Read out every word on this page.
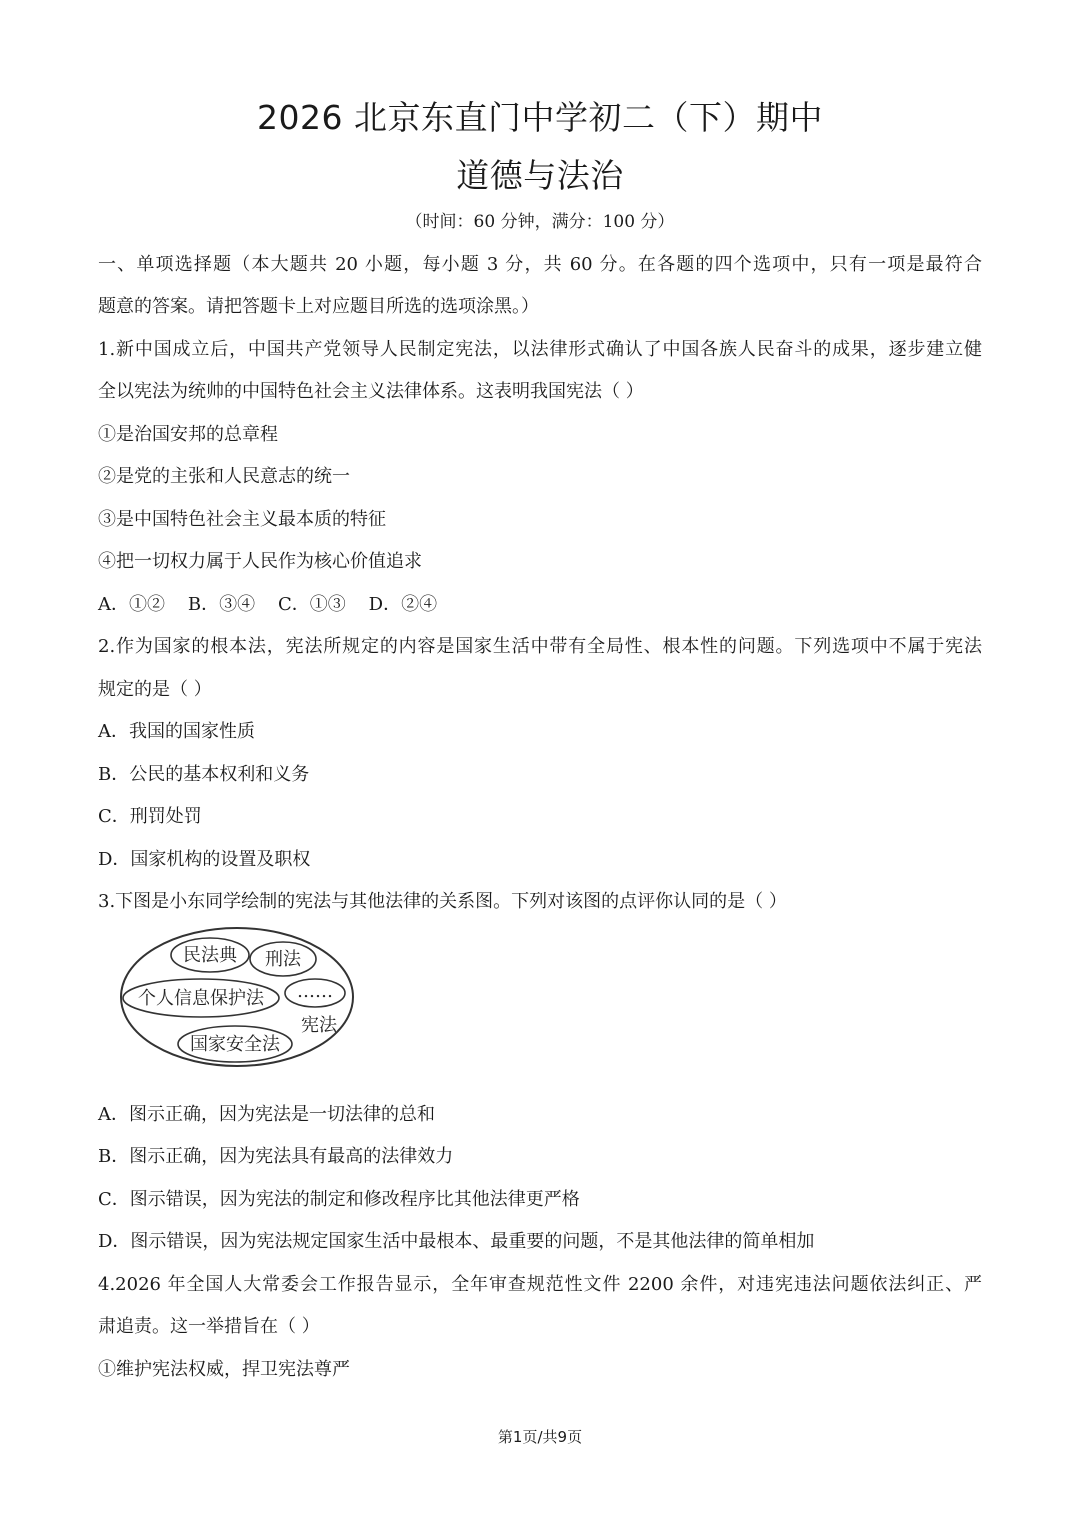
2026 北京东直门中学初二（下）期中
道德与法治
（时间：60 分钟，满分：100 分）
一、单项选择题（本大题共 20 小题，每小题 3 分，共 60 分。在各题的四个选项中，只有一项是最符合
题意的答案。请把答题卡上对应题目所选的选项涂黑。）
1.新中国成立后，中国共产党领导人民制定宪法，以法律形式确认了中国各族人民奋斗的成果，逐步建立健
全以宪法为统帅的中国特色社会主义法律体系。这表明我国宪法（ ）
①是治国安邦的总章程
②是党的主张和人民意志的统一
③是中国特色社会主义最本质的特征
④把一切权力属于人民作为核心价值追求
A．①②    B．③④    C．①③    D．②④
2.作为国家的根本法，宪法所规定的内容是国家生活中带有全局性、根本性的问题。下列选项中不属于宪法
规定的是（ ）
A．我国的国家性质
B．公民的基本权利和义务
C．刑罚处罚
D．国家机构的设置及职权
3.下图是小东同学绘制的宪法与其他法律的关系图。下列对该图的点评你认同的是（ ）
民法典 刑法
个人信息保护法 ……
宪法
国家安全法
A．图示正确，因为宪法是一切法律的总和
B．图示正确，因为宪法具有最高的法律效力
C．图示错误，因为宪法的制定和修改程序比其他法律更严格
D．图示错误，因为宪法规定国家生活中最根本、最重要的问题，不是其他法律的简单相加
4.2026 年全国人大常委会工作报告显示，全年审查规范性文件 2200 余件，对违宪违法问题依法纠正、严
肃追责。这一举措旨在（ ）
①维护宪法权威，捍卫宪法尊严
第1页/共9页
